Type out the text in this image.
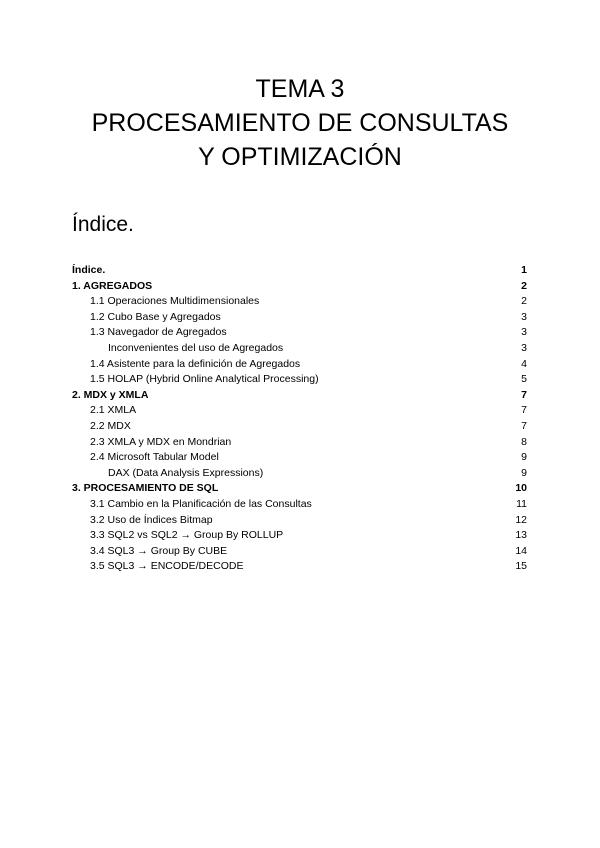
TEMA 3
PROCESAMIENTO DE CONSULTAS
Y OPTIMIZACIÓN
Índice.
Índice.	1
1. AGREGADOS	2
1.1 Operaciones Multidimensionales	2
1.2 Cubo Base y Agregados	3
1.3 Navegador de Agregados	3
Inconvenientes del uso de Agregados	3
1.4 Asistente para la definición de Agregados	4
1.5 HOLAP (Hybrid Online Analytical Processing)	5
2. MDX y XMLA	7
2.1 XMLA	7
2.2 MDX	7
2.3 XMLA y MDX en Mondrian	8
2.4 Microsoft Tabular Model	9
DAX (Data Analysis Expressions)	9
3. PROCESAMIENTO DE SQL	10
3.1 Cambio en la Planificación de las Consultas	11
3.2 Uso de Índices Bitmap	12
3.3 SQL2 vs SQL2 → Group By ROLLUP	13
3.4 SQL3 → Group By CUBE	14
3.5 SQL3 → ENCODE/DECODE	15
